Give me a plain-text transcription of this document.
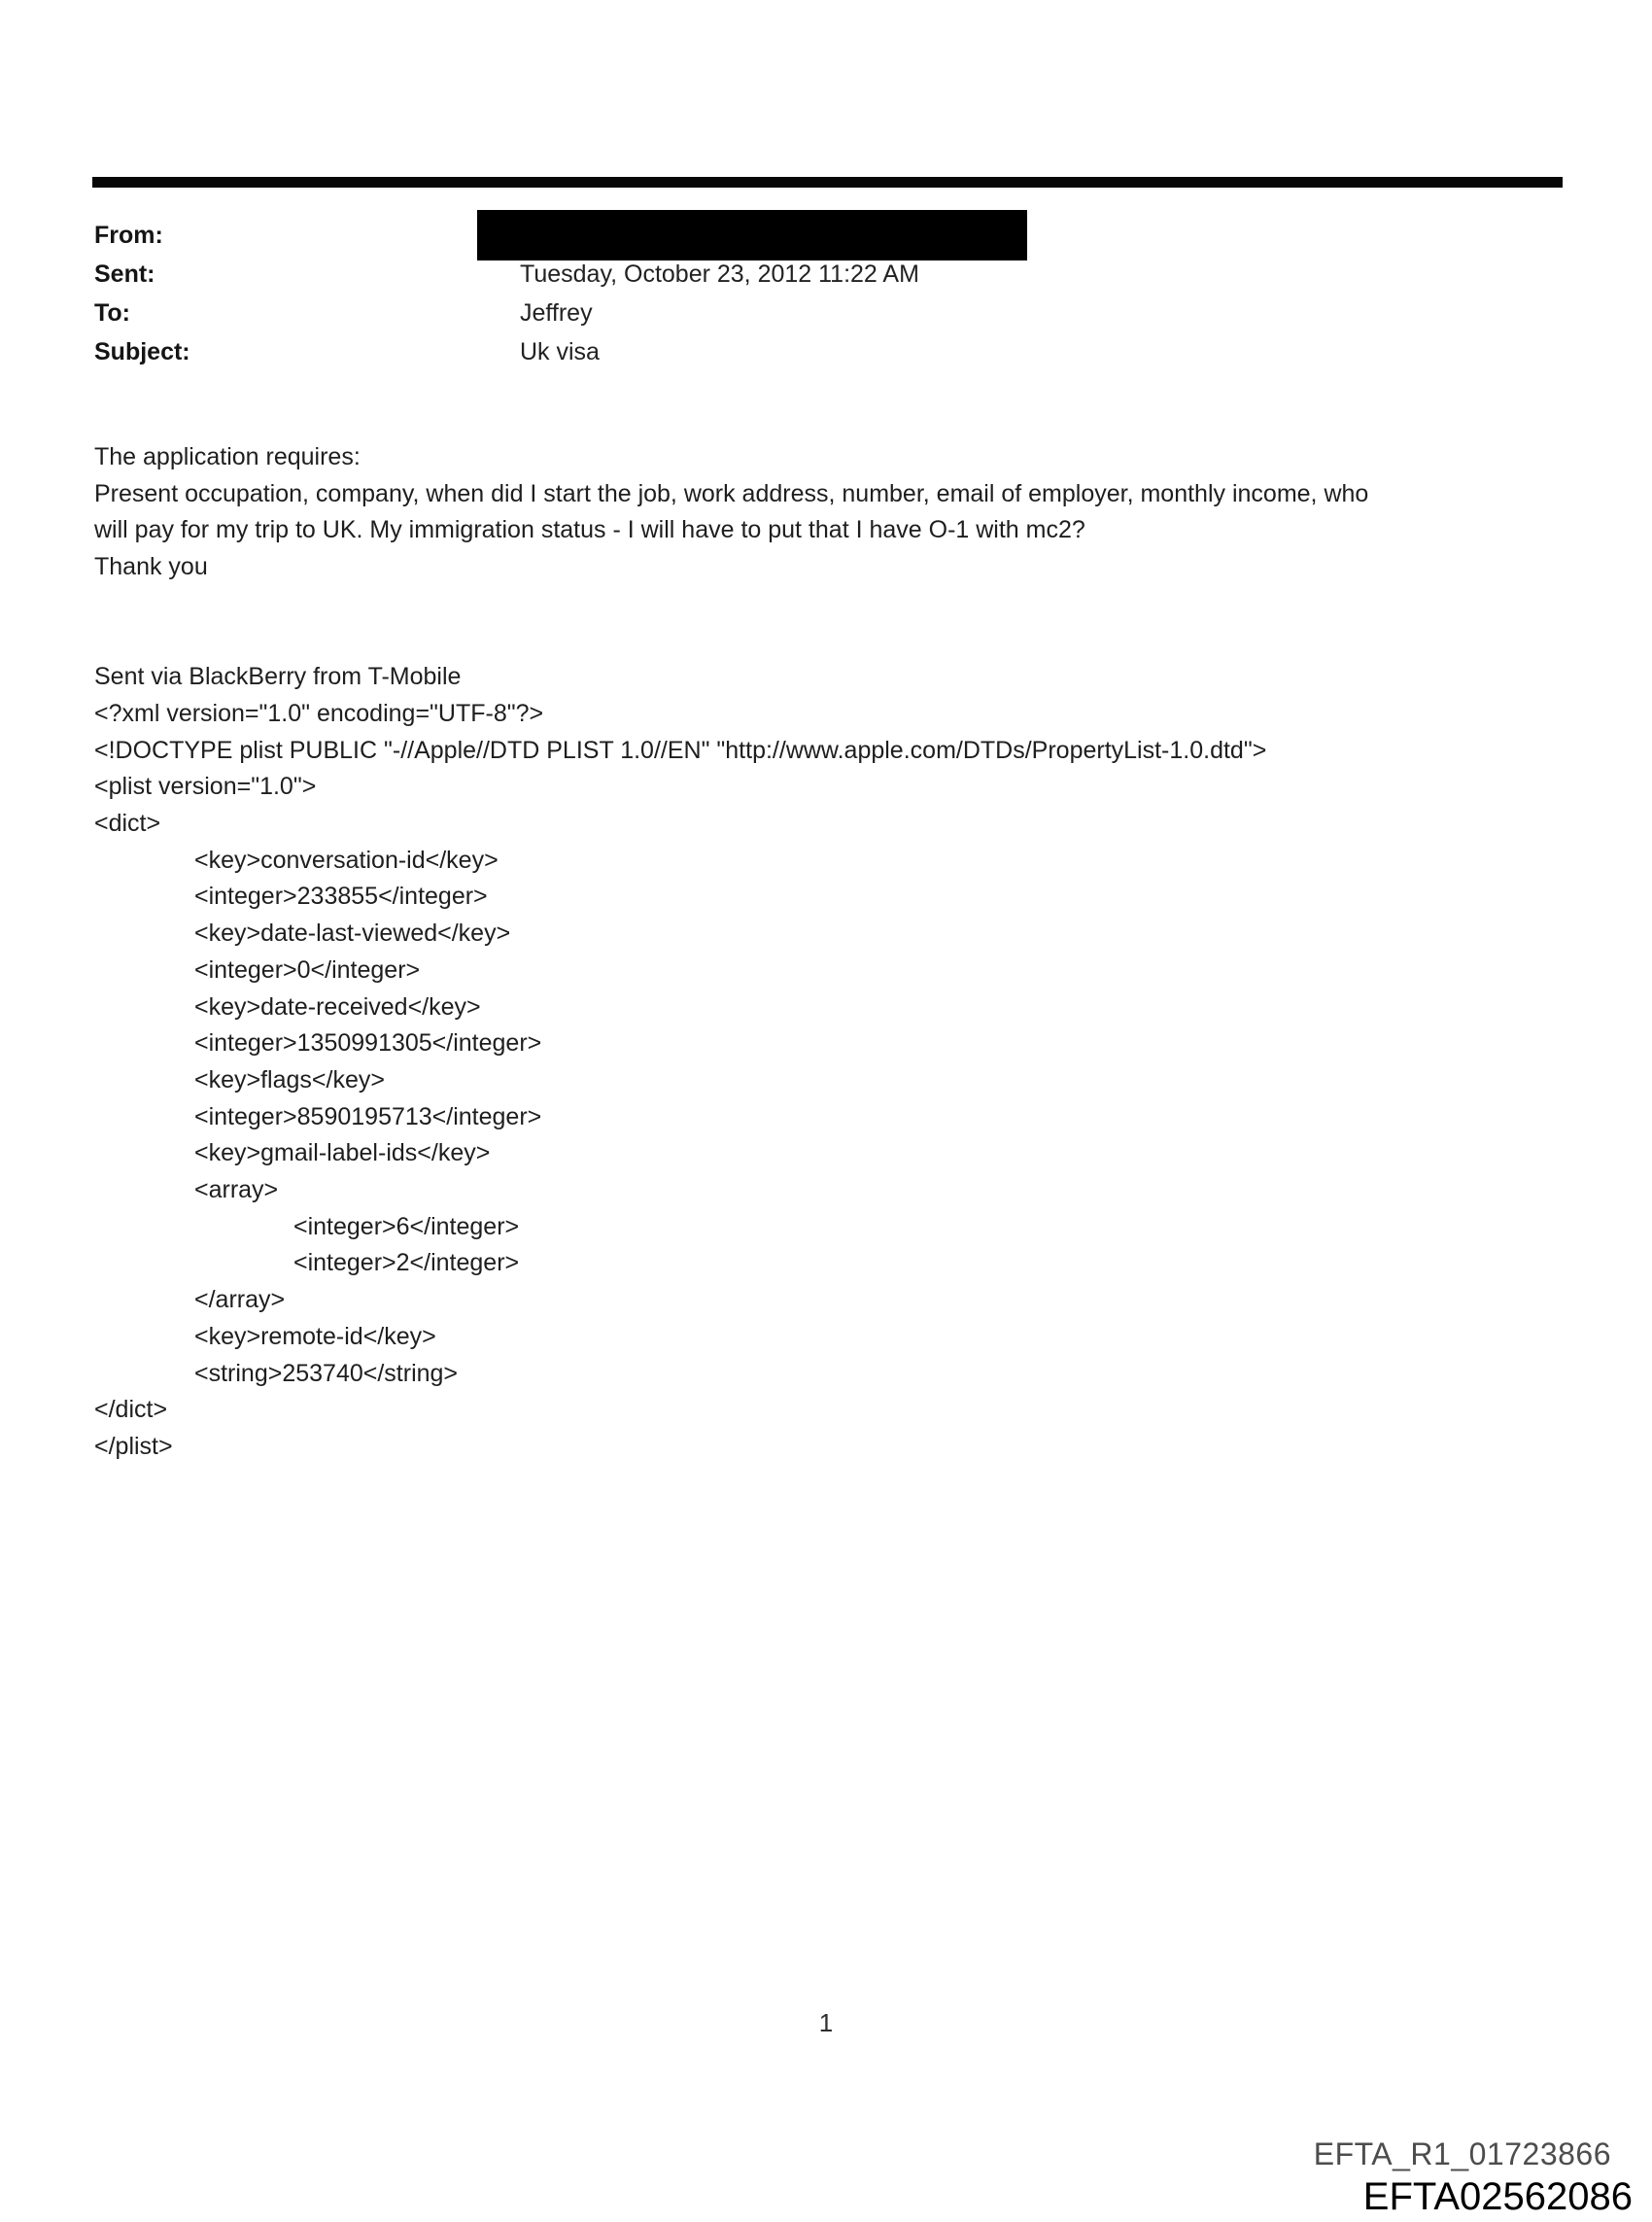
From:
Sent:	Tuesday, October 23, 2012 11:22 AM
To:	Jeffrey
Subject:	Uk visa
The application requires:
Present occupation, company, when did I start the job, work address, number, email of employer, monthly income, who
will pay for my trip to UK. My immigration status - I will have to put that I have O-1 with mc2?
Thank you
Sent via BlackBerry from T-Mobile
<?xml version="1.0" encoding="UTF-8"?>
<!DOCTYPE plist PUBLIC "-//Apple//DTD PLIST 1.0//EN" "http://www.apple.com/DTDs/PropertyList-1.0.dtd">
<plist version="1.0">
<dict>
<key>conversation-id</key>
<integer>233855</integer>
<key>date-last-viewed</key>
<integer>0</integer>
<key>date-received</key>
<integer>1350991305</integer>
<key>flags</key>
<integer>8590195713</integer>
<key>gmail-label-ids</key>
<array>
<integer>6</integer>
<integer>2</integer>
</array>
<key>remote-id</key>
<string>253740</string>
</dict>
</plist>
1
EFTA_R1_01723866
EFTA02562086
